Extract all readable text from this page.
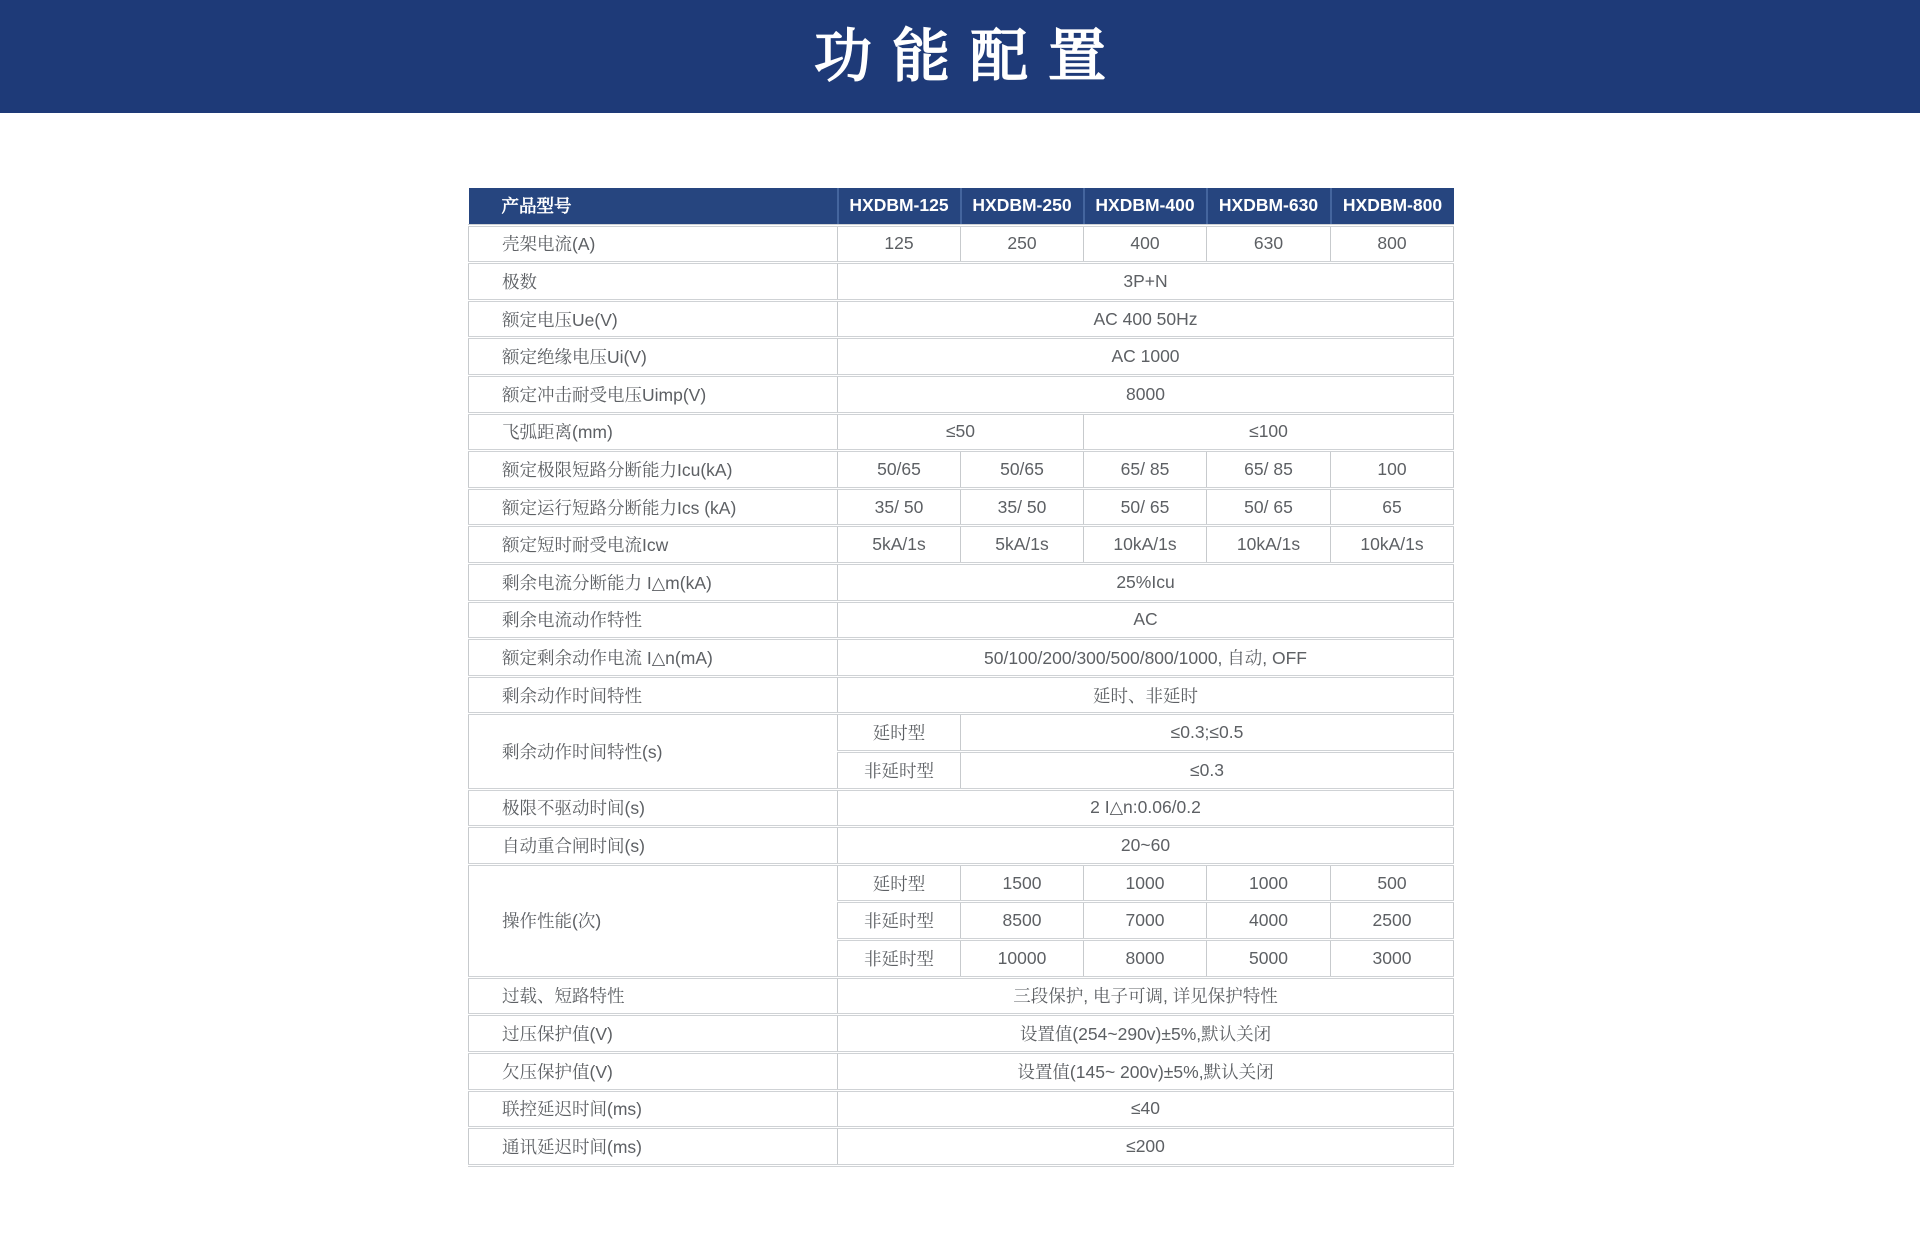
功能配置
产品型号	HXDBM-125	HXDBM-250	HXDBM-400	HXDBM-630	HXDBM-800
壳架电流(A)	125	250	400	630	800
极数	3P+N				
额定电压Ue(V)	AC 400 50Hz				
额定绝缘电压Ui(V)	AC 1000				
额定冲击耐受电压Uimp(V)	8000				
飞弧距离(mm)	≤50		≤100		
额定极限短路分断能力Icu(kA)	50/65	50/65	65/ 85	65/ 85	100
额定运行短路分断能力Ics (kA)	35/ 50	35/ 50	50/ 65	50/ 65	65
额定短时耐受电流Icw	5kA/1s	5kA/1s	10kA/1s	10kA/1s	10kA/1s
剩余电流分断能力 I△m(kA)	25%Icu				
剩余电流动作特性	AC				
额定剩余动作电流 I△n(mA)	50/100/200/300/500/800/1000, 自动, OFF				
剩余动作时间特性	延时、非延时				
剩余动作时间特性(s)	延时型	≤0.3;≤0.5			
	非延时型	≤0.3			
极限不驱动时间(s)	2 I△n:0.06/0.2				
自动重合闸时间(s)	20~60				
操作性能(次)	延时型	1500	1000	1000	500
	非延时型	8500	7000	4000	2500
	非延时型	10000	8000	5000	3000
过载、短路特性	三段保护, 电子可调, 详见保护特性				
过压保护值(V)	设置值(254~290v)±5%,默认关闭				
欠压保护值(V)	设置值(145~ 200v)±5%,默认关闭				
联控延迟时间(ms)	≤40				
通讯延迟时间(ms)	≤200				
